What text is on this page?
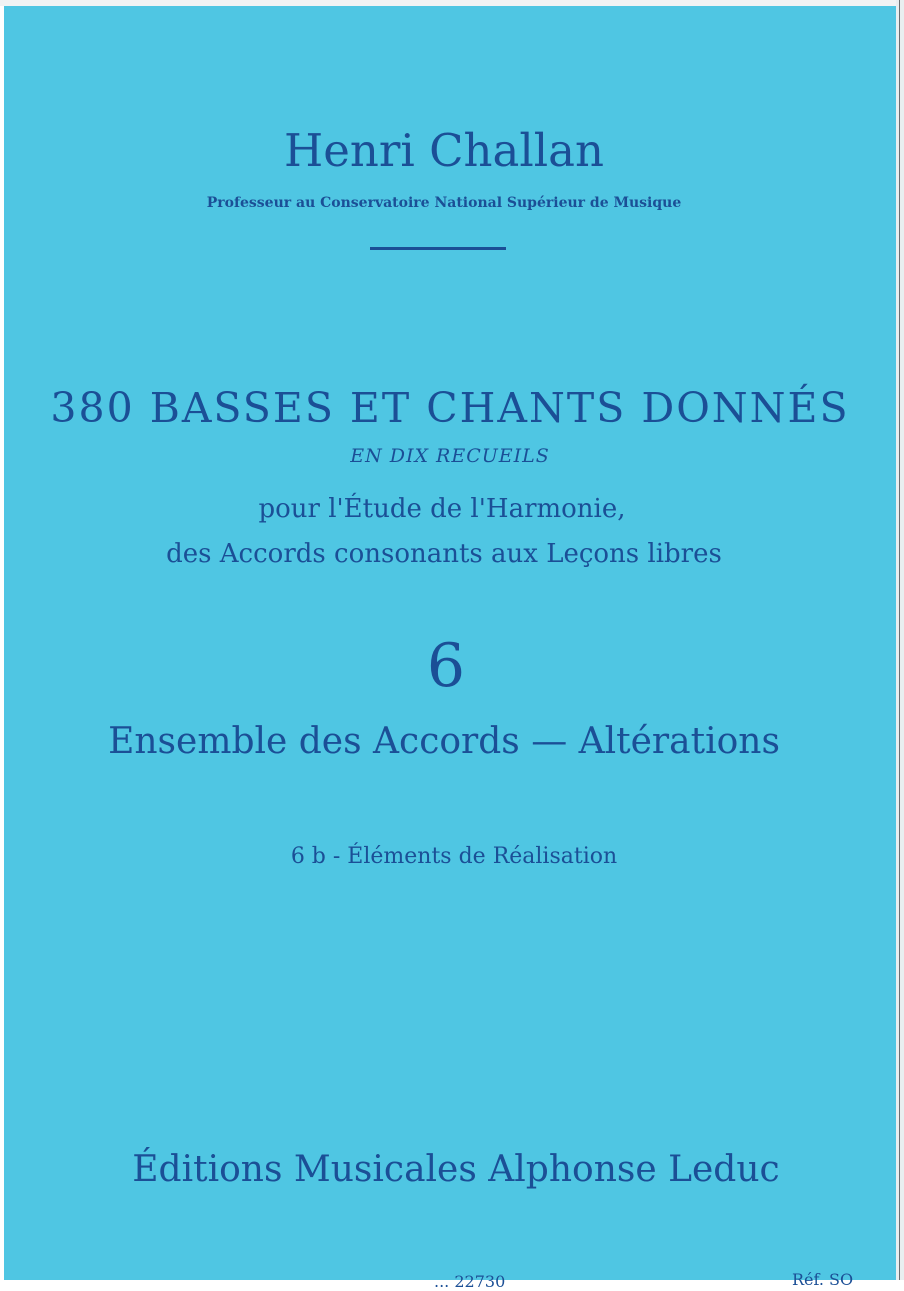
Henri Challan
Professeur au Conservatoire National Supérieur de Musique
380 BASSES ET CHANTS DONNÉS
EN DIX RECUEILS
pour l'Étude de l'Harmonie,
des Accords consonants aux Leçons libres
6
Ensemble des Accords — Altérations
6 b - Éléments de Réalisation
Éditions Musicales Alphonse Leduc
... 22730	Réf. SO
